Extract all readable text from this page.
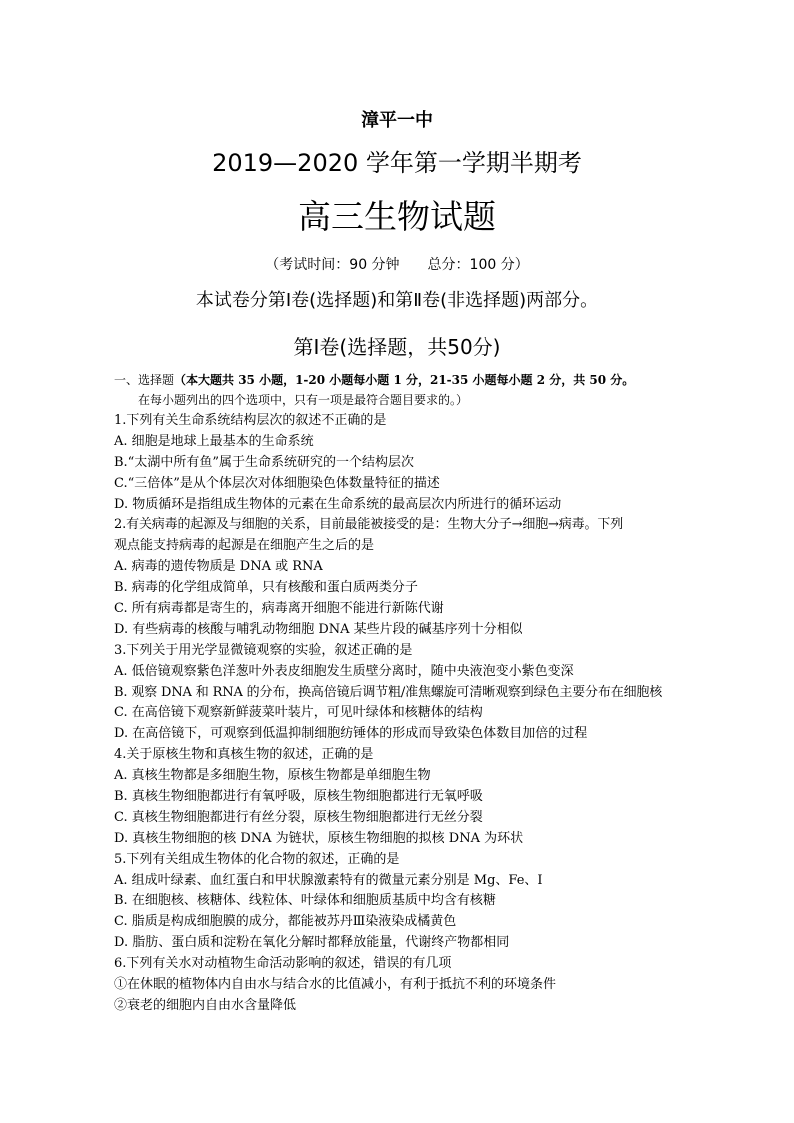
漳平一中
2019—2020 学年第一学期半期考
高三生物试题
（考试时间：90 分钟 总分：100 分）
本试卷分第Ⅰ卷(选择题)和第Ⅱ卷(非选择题)两部分。
第Ⅰ卷(选择题，共50分)
一、选择题（本大题共 35 小题，1-20 小题每小题 1 分，21-35 小题每小题 2 分，共 50 分。
在每小题列出的四个选项中，只有一项是最符合题目要求的。）
1.下列有关生命系统结构层次的叙述不正确的是
A. 细胞是地球上最基本的生命系统
B.“太湖中所有鱼”属于生命系统研究的一个结构层次
C.“三倍体”是从个体层次对体细胞染色体数量特征的描述
D. 物质循环是指组成生物体的元素在生命系统的最高层次内所进行的循环运动
2.有关病毒的起源及与细胞的关系，目前最能被接受的是：生物大分子→细胞→病毒。下列
观点能支持病毒的起源是在细胞产生之后的是
A. 病毒的遗传物质是 DNA 或 RNA
B. 病毒的化学组成简单，只有核酸和蛋白质两类分子
C. 所有病毒都是寄生的，病毒离开细胞不能进行新陈代谢
D. 有些病毒的核酸与哺乳动物细胞 DNA 某些片段的碱基序列十分相似
3.下列关于用光学显微镜观察的实验，叙述正确的是
A. 低倍镜观察紫色洋葱叶外表皮细胞发生质壁分离时，随中央液泡变小紫色变深
B. 观察 DNA 和 RNA 的分布，换高倍镜后调节粗/准焦螺旋可清晰观察到绿色主要分布在细胞核
C. 在高倍镜下观察新鲜菠菜叶装片，可见叶绿体和核糖体的结构
D. 在高倍镜下，可观察到低温抑制细胞纺锤体的形成而导致染色体数目加倍的过程
4.关于原核生物和真核生物的叙述，正确的是
A. 真核生物都是多细胞生物，原核生物都是单细胞生物
B. 真核生物细胞都进行有氧呼吸，原核生物细胞都进行无氧呼吸
C. 真核生物细胞都进行有丝分裂，原核生物细胞都进行无丝分裂
D. 真核生物细胞的核 DNA 为链状，原核生物细胞的拟核 DNA 为环状
5.下列有关组成生物体的化合物的叙述，正确的是
A. 组成叶绿素、血红蛋白和甲状腺激素特有的微量元素分别是 Mg、Fe、I
B. 在细胞核、核糖体、线粒体、叶绿体和细胞质基质中均含有核糖
C. 脂质是构成细胞膜的成分，都能被苏丹Ⅲ染液染成橘黄色
D. 脂肪、蛋白质和淀粉在氧化分解时都释放能量，代谢终产物都相同
6.下列有关水对动植物生命活动影响的叙述，错误的有几项
①在休眠的植物体内自由水与结合水的比值减小，有利于抵抗不利的环境条件
②衰老的细胞内自由水含量降低
